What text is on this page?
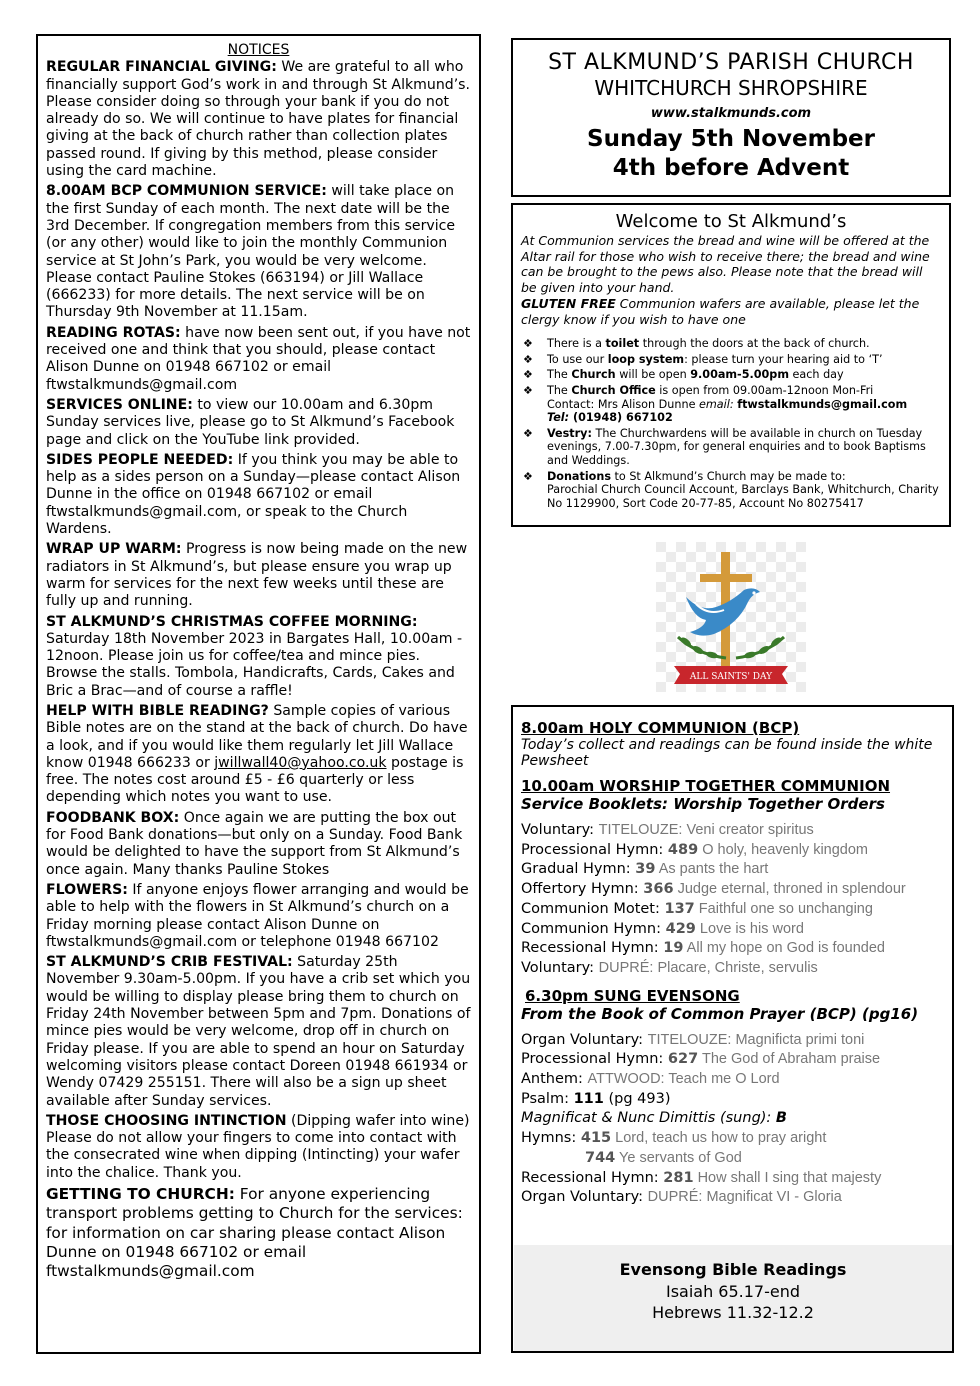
NOTICES

REGULAR FINANCIAL GIVING: We are grateful to all who financially support God’s work in and through St Alkmund’s. Please consider doing so through your bank if you do not already do so. We will continue to have plates for financial giving at the back of church rather than collection plates passed round. If giving by this method, please consider using the card machine.

8.00AM BCP COMMUNION SERVICE: will take place on the first Sunday of each month. The next date will be the 3rd December. If congregation members from this service (or any other) would like to join the monthly Communion service at St John’s Park, you would be very welcome. Please contact Pauline Stokes (663194) or Jill Wallace (666233) for more details. The next service will be on Thursday 9th November at 11.15am.

READING ROTAS: have now been sent out, if you have not received one and think that you should, please contact Alison Dunne on 01948 667102 or email ftwstalkmunds@gmail.com

SERVICES ONLINE: to view our 10.00am and 6.30pm Sunday services live, please go to St Alkmund’s Facebook page and click on the YouTube link provided.

SIDES PEOPLE NEEDED: If you think you may be able to help as a sides person on a Sunday—please contact Alison Dunne in the office on 01948 667102 or email ftwstalkmunds@gmail.com, or speak to the Church Wardens.

WRAP UP WARM: Progress is now being made on the new radiators in St Alkmund’s, but please ensure you wrap up warm for services for the next few weeks until these are fully up and running.

ST ALKMUND’S CHRISTMAS COFFEE MORNING: Saturday 18th November 2023 in Bargates Hall, 10.00am - 12noon. Please join us for coffee/tea and mince pies. Browse the stalls. Tombola, Handicrafts, Cards, Cakes and Bric a Brac—and of course a raffle!

HELP WITH BIBLE READING? Sample copies of various Bible notes are on the stand at the back of church. Do have a look, and if you would like them regularly let Jill Wallace know 01948 666233 or jwillwall40@yahoo.co.uk postage is free. The notes cost around £5 - £6 quarterly or less depending which notes you want to use.

FOODBANK BOX: Once again we are putting the box out for Food Bank donations—but only on a Sunday. Food Bank would be delighted to have the support from St Alkmund’s once again. Many thanks Pauline Stokes

FLOWERS: If anyone enjoys flower arranging and would be able to help with the flowers in St Alkmund’s church on a Friday morning please contact Alison Dunne on ftwstalkmunds@gmail.com or telephone 01948 667102

ST ALKMUND’S CRIB FESTIVAL: Saturday 25th November 9.30am-5.00pm. If you have a crib set which you would be willing to display please bring them to church on Friday 24th November between 5pm and 7pm. Donations of mince pies would be very welcome, drop off in church on Friday please. If you are able to spend an hour on Saturday welcoming visitors please contact Doreen 01948 661934 or Wendy 07429 255151. There will also be a sign up sheet available after Sunday services.

THOSE CHOOSING INTINCTION (Dipping wafer into wine) Please do not allow your fingers to come into contact with the consecrated wine when dipping (Intincting) your wafer into the chalice. Thank you.

GETTING TO CHURCH: For anyone experiencing transport problems getting to Church for the services: for information on car sharing please contact Alison Dunne on 01948 667102 or email ftwstalkmunds@gmail.com

ST ALKMUND’S PARISH CHURCH
WHITCHURCH SHROPSHIRE
www.stalkmunds.com
Sunday 5th November
4th before Advent
Welcome to St Alkmund’s
At Communion services the bread and wine will be offered at the Altar rail for those who wish to receive there; the bread and wine can be brought to the pews also. Please note that the bread will be given into your hand.
GLUTEN FREE Communion wafers are available, please let the clergy know if you wish to have one
❖ There is a toilet through the doors at the back of church.
❖ To use our loop system: please turn your hearing aid to ‘T’
❖ The Church will be open 9.00am-5.00pm each day
❖ The Church Office is open from 09.00am-12noon Mon-Fri
Contact: Mrs Alison Dunne email: ftwstalkmunds@gmail.com
Tel: (01948) 667102
❖ Vestry: The Churchwardens will be available in church on Tuesday evenings, 7.00-7.30pm, for general enquiries and to book Baptisms and Weddings.
❖ Donations to St Alkmund’s Church may be made to:
Parochial Church Council Account, Barclays Bank, Whitchurch, Charity No 1129900, Sort Code 20-77-85, Account No 80275417
ALL SAINTS' DAY
8.00am HOLY COMMUNION (BCP)
Today’s collect and readings can be found inside the white Pewsheet
10.00am WORSHIP TOGETHER COMMUNION
Service Booklets: Worship Together Orders
Voluntary: TITELOUZE: Veni creator spiritus
Processional Hymn: 489 O holy, heavenly kingdom
Gradual Hymn: 39 As pants the hart
Offertory Hymn: 366 Judge eternal, throned in splendour
Communion Motet: 137 Faithful one so unchanging
Communion Hymn: 429 Love is his word
Recessional Hymn: 19 All my hope on God is founded
Voluntary: DUPRÉ: Placare, Christe, servulis
6.30pm SUNG EVENSONG
From the Book of Common Prayer (BCP) (pg16)
Organ Voluntary: TITELOUZE: Magnificta primi toni
Processional Hymn: 627 The God of Abraham praise
Anthem: ATTWOOD: Teach me O Lord
Psalm: 111 (pg 493)
Magnificat & Nunc Dimittis (sung): B
Hymns: 415 Lord, teach us how to pray aright
744 Ye servants of God
Recessional Hymn: 281 How shall I sing that majesty
Organ Voluntary: DUPRÉ: Magnificat VI - Gloria
Evensong Bible Readings
Isaiah 65.17-end
Hebrews 11.32-12.2
